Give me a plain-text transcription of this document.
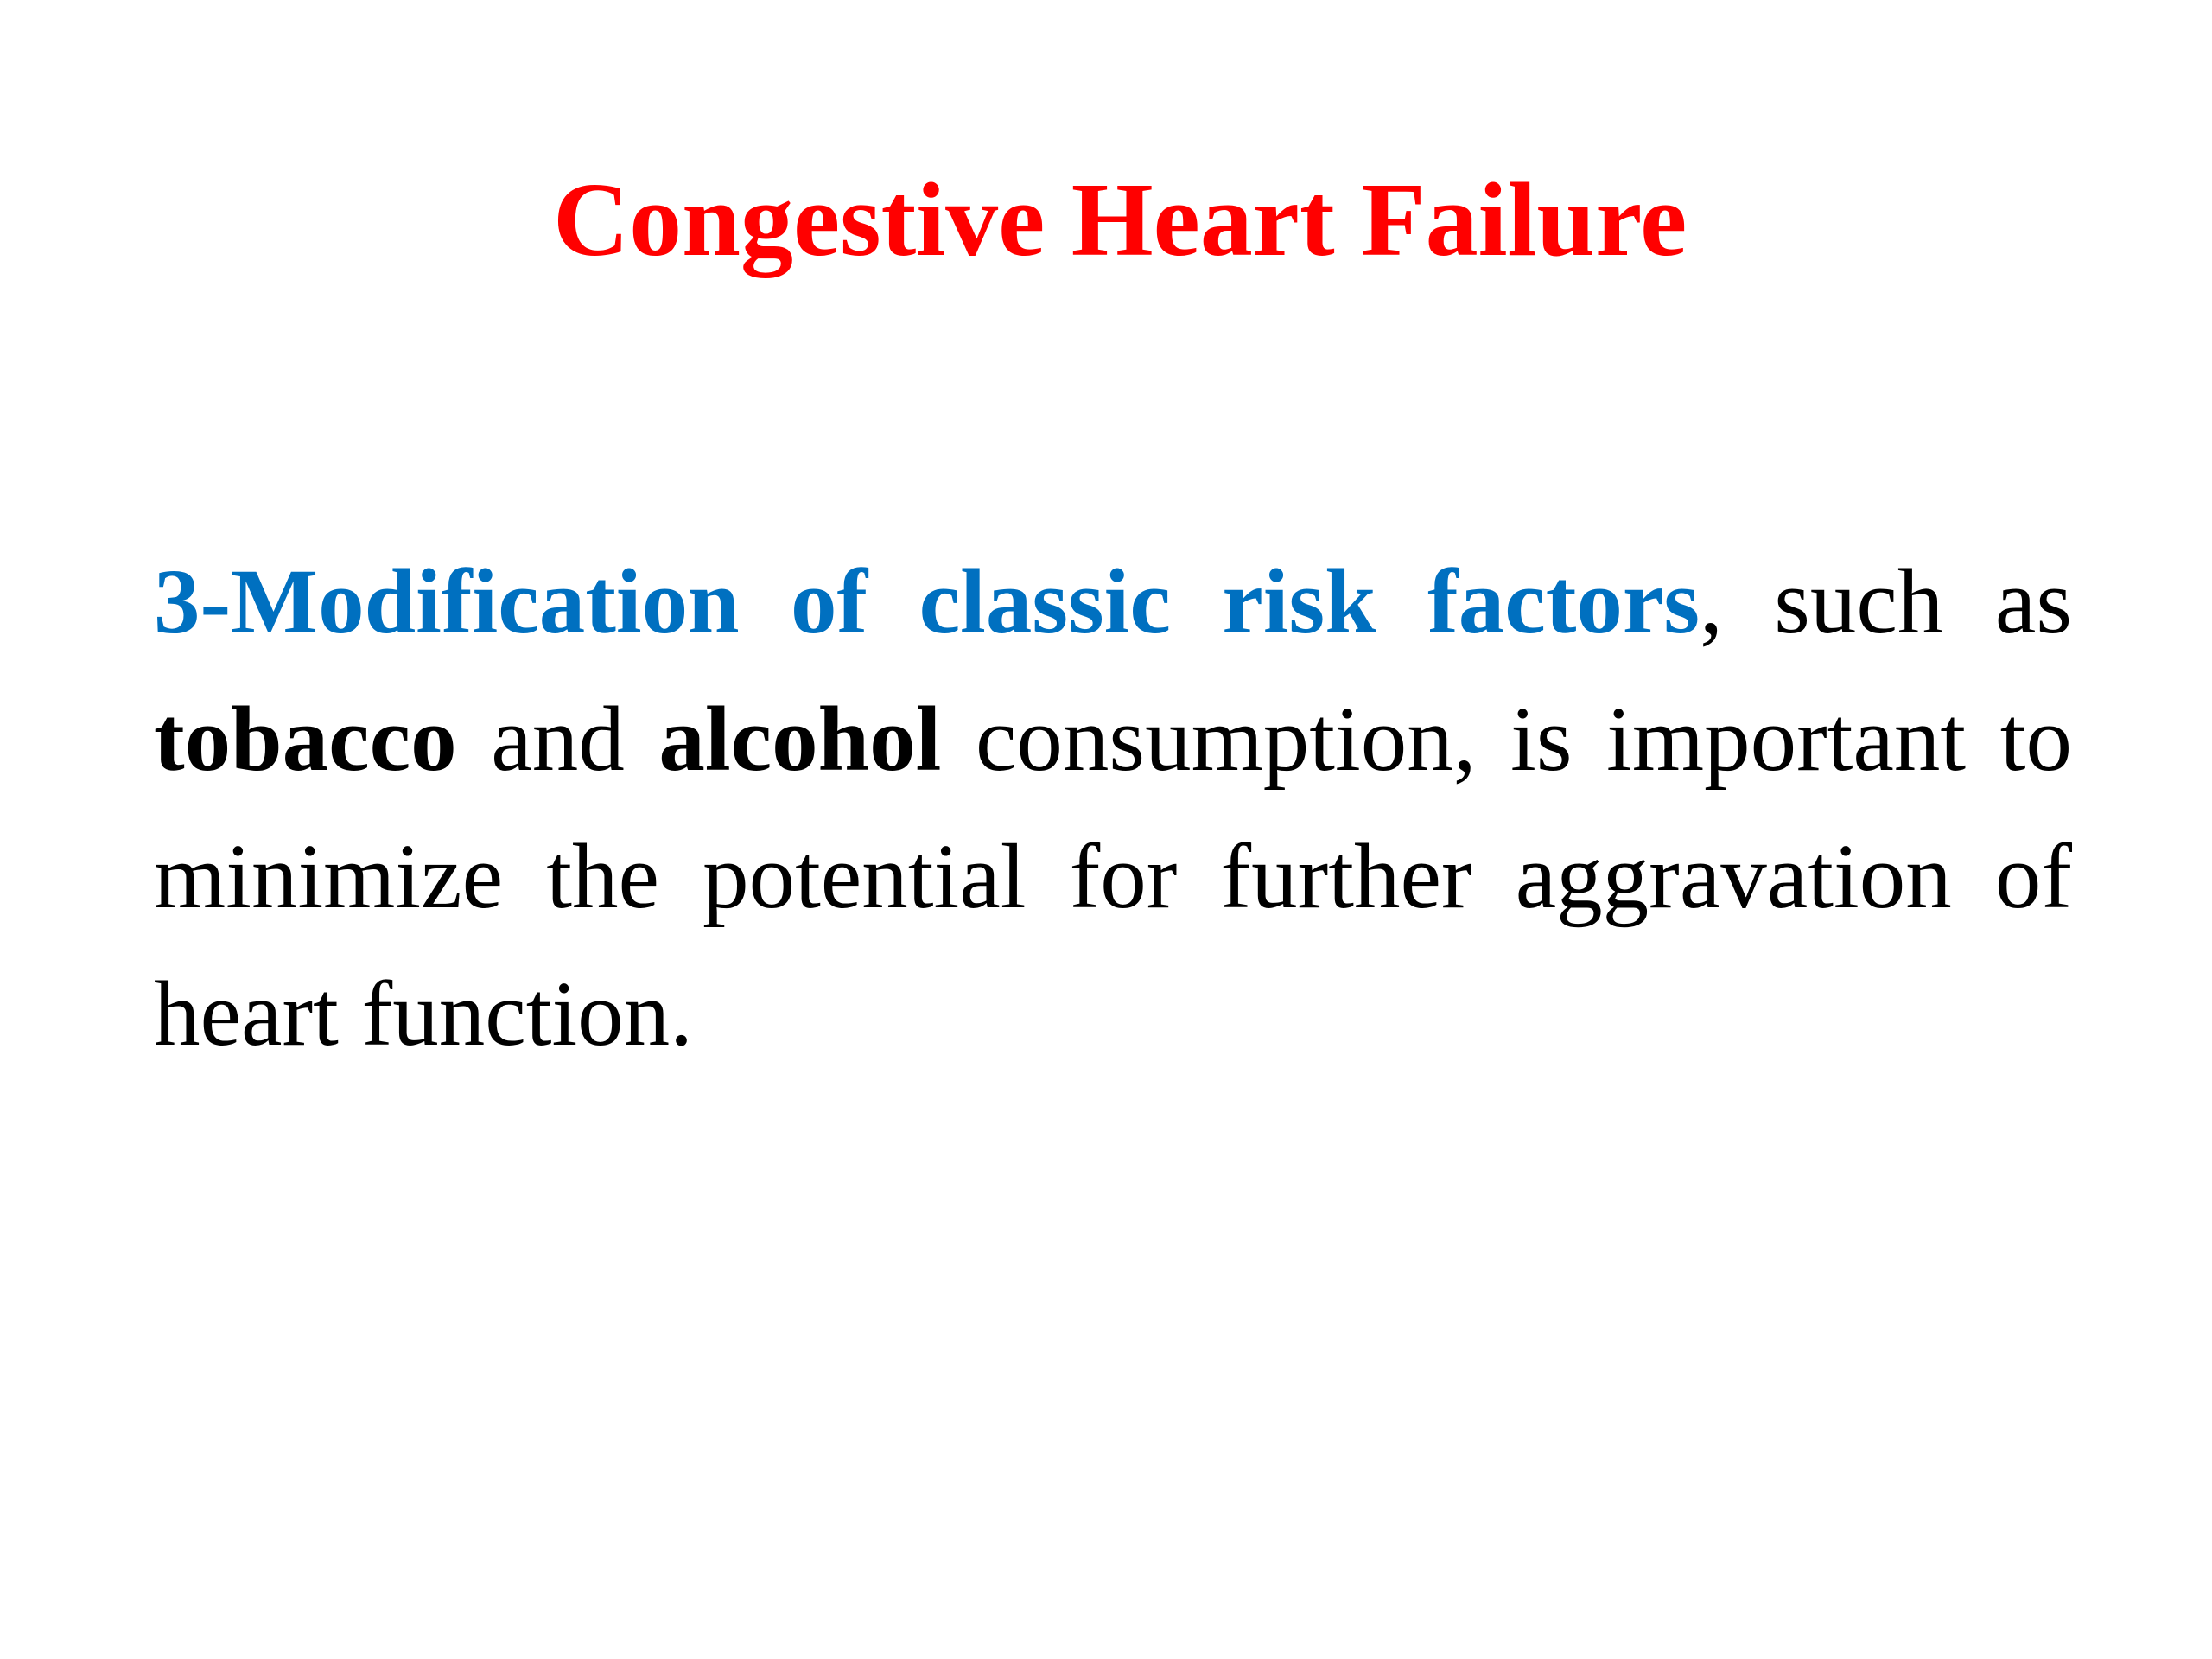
Congestive Heart Failure

3-Modification of classic risk factors, such as tobacco and alcohol consumption, is important to minimize the potential for further aggravation of heart function.
